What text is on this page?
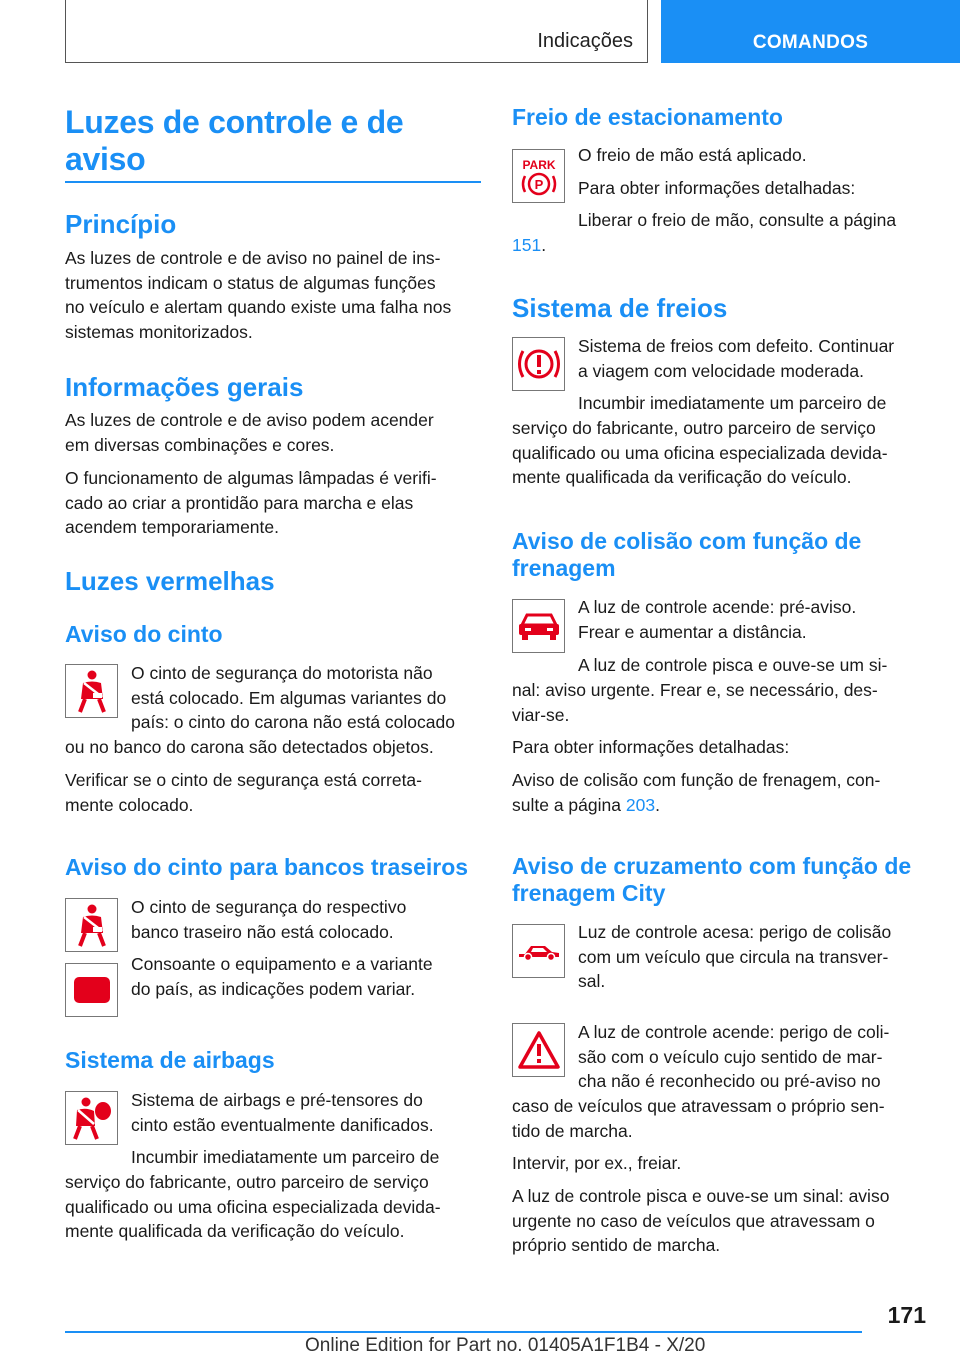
Indicações	COMANDOS
Luzes de controle e de
aviso
Princípio

As luzes de controle e de aviso no painel de ins-
trumentos indicam o status de algumas funções
no veículo e alertam quando existe uma falha nos
sistemas monitorizados.

Informações gerais

As luzes de controle e de aviso podem acender
em diversas combinações e cores.

O funcionamento de algumas lâmpadas é verifi-
cado ao criar a prontidão para marcha e elas
acendem temporariamente.

Luzes vermelhas
Aviso do cinto

O cinto de segurança do motorista não
está colocado. Em algumas variantes do
país: o cinto do carona não está colocado

ou no banco do carona são detectados objetos.

Verificar se o cinto de segurança está correta-
mente colocado.

Aviso do cinto para bancos traseiros

O cinto de segurança do respectivo
banco traseiro não está colocado.

Consoante o equipamento e a variante
do país, as indicações podem variar.

Sistema de airbags

Sistema de airbags e pré-tensores do
cinto estão eventualmente danificados.

Incumbir imediatamente um parceiro de

serviço do fabricante, outro parceiro de serviço
qualificado ou uma oficina especializada devida-
mente qualificada da verificação do veículo.

Freio de estacionamento
PARK
P

O freio de mão está aplicado.

Para obter informações detalhadas:

Liberar o freio de mão, consulte a página

151.

Sistema de freios

Sistema de freios com defeito. Continuar
a viagem com velocidade moderada.

Incumbir imediatamente um parceiro de

serviço do fabricante, outro parceiro de serviço
qualificado ou uma oficina especializada devida-
mente qualificada da verificação do veículo.

Aviso de colisão com função de
frenagem

A luz de controle acende: pré-aviso.
Frear e aumentar a distância.

A luz de controle pisca e ouve-se um si-

nal: aviso urgente. Frear e, se necessário, des-
viar-se.

Para obter informações detalhadas:

Aviso de colisão com função de frenagem, con-
sulte a página 203.

Aviso de cruzamento com função de
frenagem City

Luz de controle acesa: perigo de colisão
com um veículo que circula na transver-
sal.

A luz de controle acende: perigo de coli-
são com o veículo cujo sentido de mar-
cha não é reconhecido ou pré-aviso no

caso de veículos que atravessam o próprio sen-
tido de marcha.

Intervir, por ex., freiar.

A luz de controle pisca e ouve-se um sinal: aviso
urgente no caso de veículos que atravessam o
próprio sentido de marcha.

171
Online Edition for Part no. 01405A1F1B4 - X/20
